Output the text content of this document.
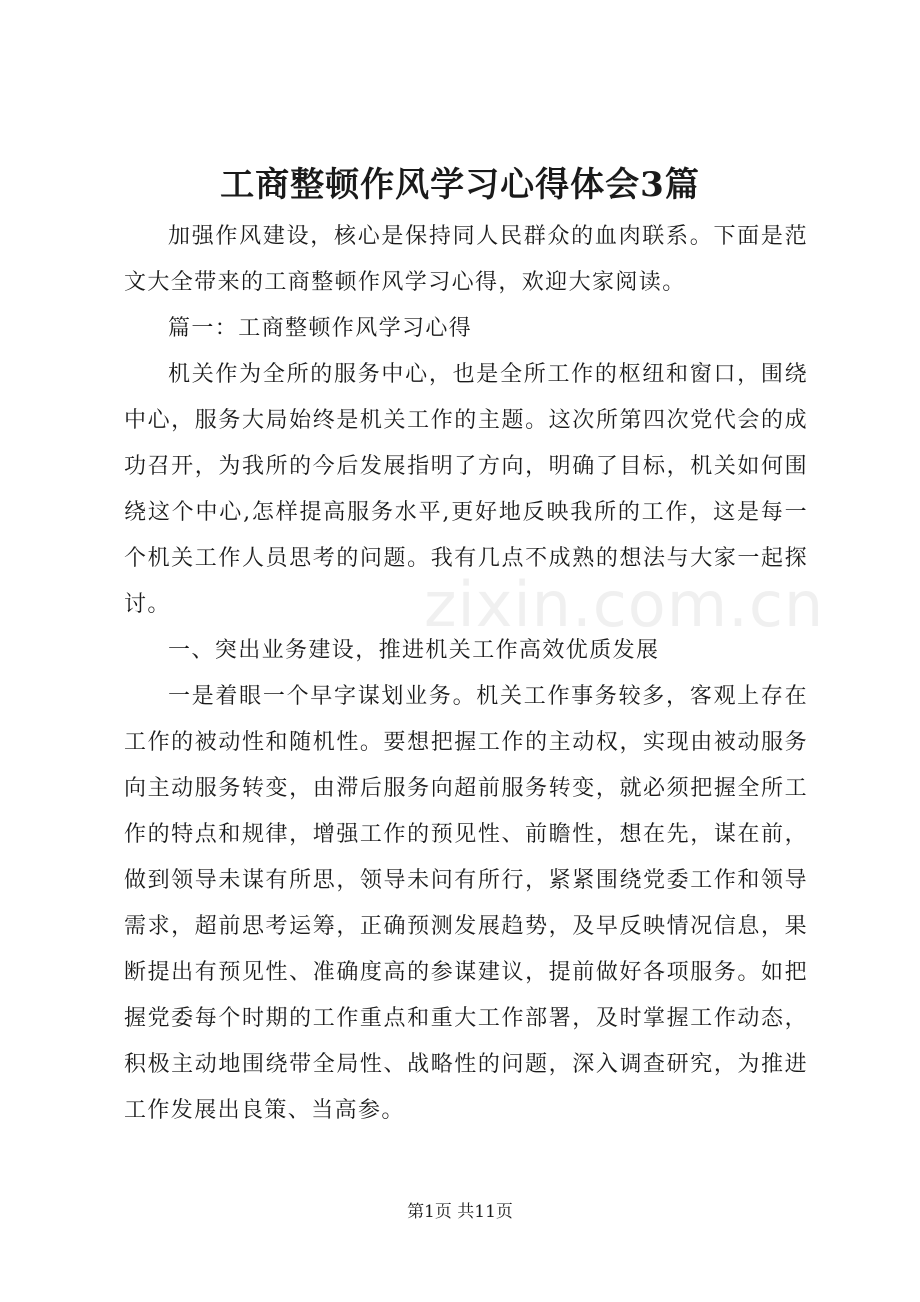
工商整顿作风学习心得体会3篇

加强作风建设，核心是保持同人民群众的血肉联系。下面是范文大全带来的工商整顿作风学习心得，欢迎大家阅读。

篇一：工商整顿作风学习心得

机关作为全所的服务中心，也是全所工作的枢纽和窗口，围绕中心，服务大局始终是机关工作的主题。这次所第四次党代会的成功召开，为我所的今后发展指明了方向，明确了目标，机关如何围绕这个中心,怎样提高服务水平,更好地反映我所的工作，这是每一个机关工作人员思考的问题。我有几点不成熟的想法与大家一起探讨。

一、突出业务建设，推进机关工作高效优质发展

一是着眼一个早字谋划业务。机关工作事务较多，客观上存在工作的被动性和随机性。要想把握工作的主动权，实现由被动服务向主动服务转变，由滞后服务向超前服务转变，就必须把握全所工作的特点和规律，增强工作的预见性、前瞻性，想在先，谋在前，做到领导未谋有所思，领导未问有所行，紧紧围绕党委工作和领导需求，超前思考运筹，正确预测发展趋势，及早反映情况信息，果断提出有预见性、准确度高的参谋建议，提前做好各项服务。如把握党委每个时期的工作重点和重大工作部署，及时掌握工作动态，积极主动地围绕带全局性、战略性的问题，深入调查研究，为推进工作发展出良策、当高参。

zixin.com.cn
第1页 共11页
